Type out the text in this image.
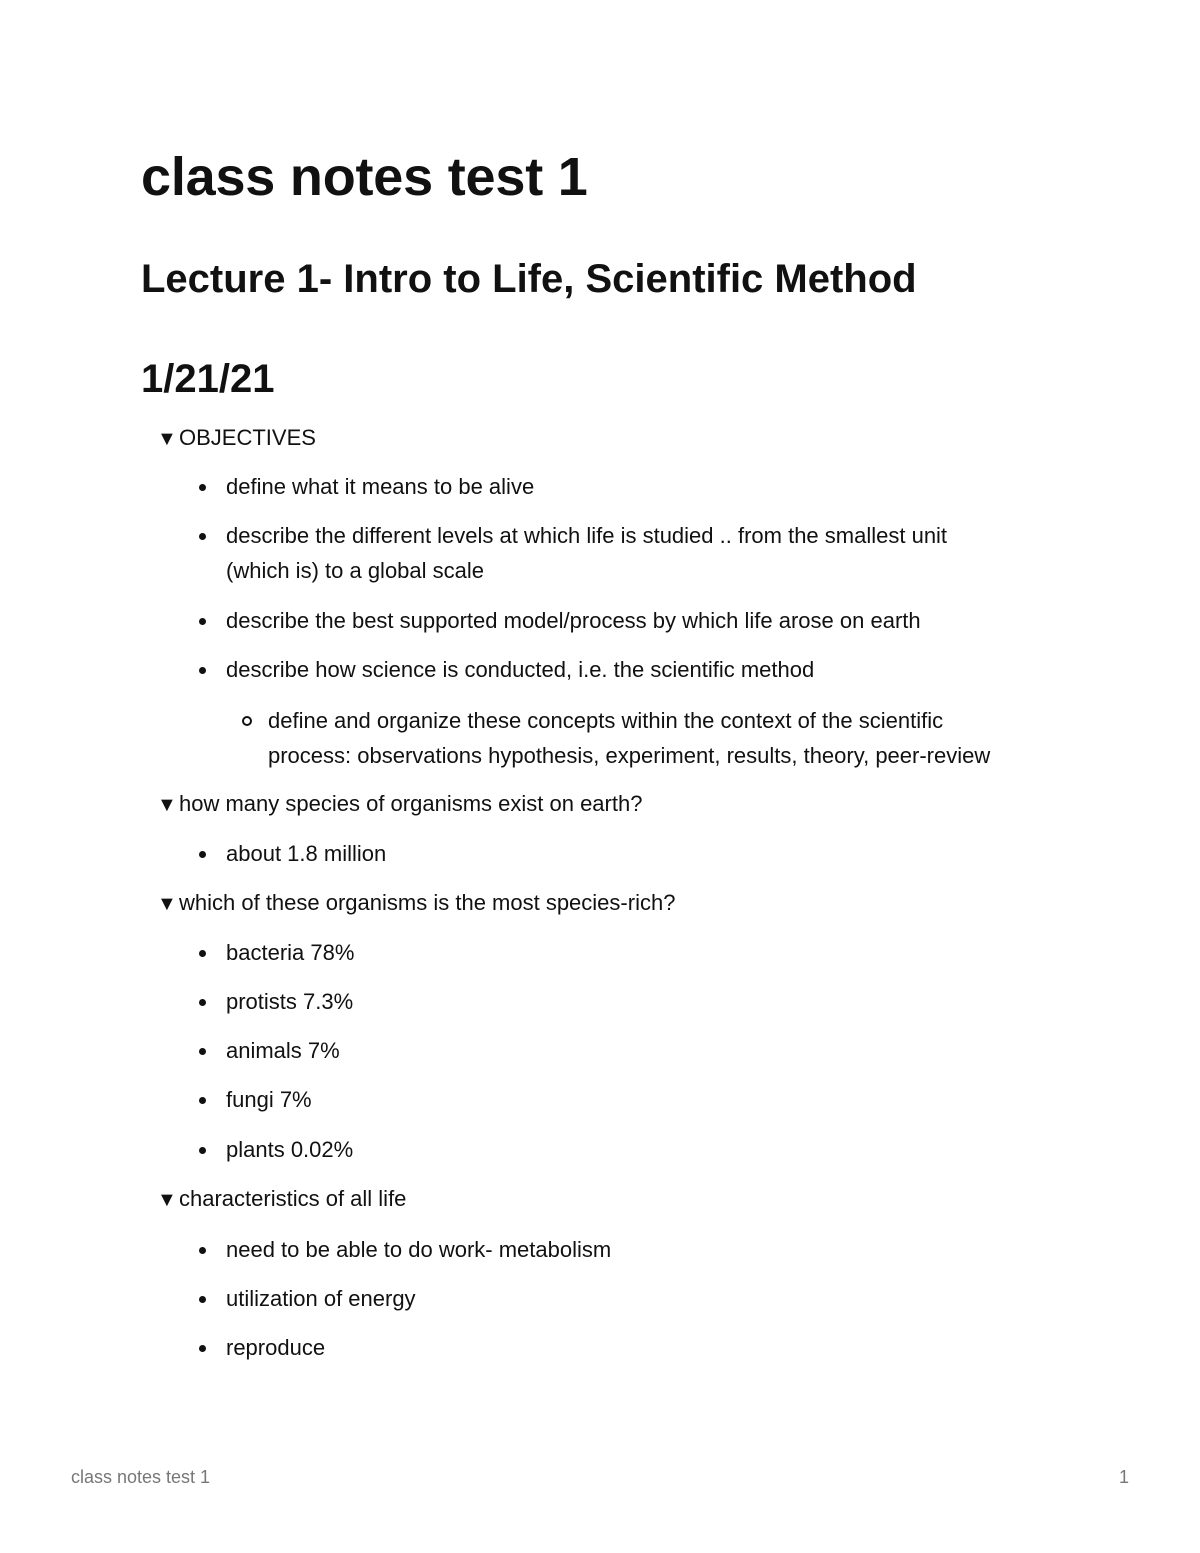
class notes test 1
Lecture 1- Intro to Life, Scientific Method
1/21/21
▼ OBJECTIVES
define what it means to be alive
describe the different levels at which life is studied .. from the smallest unit
(which is) to a global scale
describe the best supported model/process by which life arose on earth
describe how science is conducted, i.e. the scientific method
define and organize these concepts within the context of the scientific
process: observations hypothesis, experiment, results, theory, peer-review
▼ how many species of organisms exist on earth?
about 1.8 million
▼ which of these organisms is the most species-rich?
bacteria 78%
protists 7.3%
animals 7%
fungi 7%
plants 0.02%
▼ characteristics of all life
need to be able to do work- metabolism
utilization of energy
reproduce
class notes test 1	1
